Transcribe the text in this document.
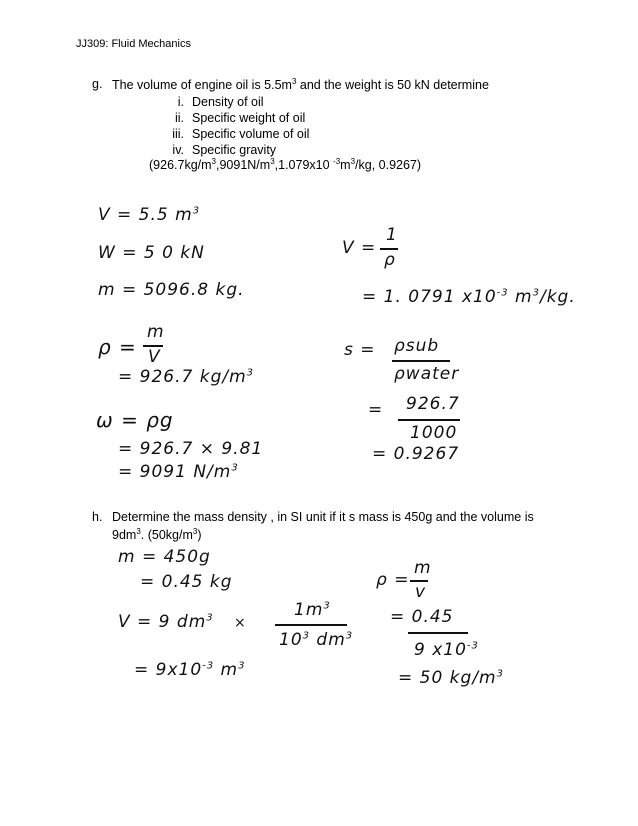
JJ309: Fluid Mechanics
g. The volume of engine oil is $5.5m^3$ and the weight is 50 kN determine
i. Density of oil
ii. Specific weight of oil
iii. Specific volume of oil
iv. Specific gravity
($926.7kg/m^3,9091N/m^3,1.079x10$ $^{-3}m^3/kg$, 0.9267)
V = 5.5 $m^3$
W = 5 0 kN
m = 5096.8 kg.
ρ =
m
V
= 926.7 $kg/m^3$
ω = ρg
= 926.7 × 9.81
= 9091 $N/m^3$
V =
1
ρ
= 1. 0791 $x10^{-3}$ $m^3/kg$.
s = ρsub
ρwater
= 926.7
1000
= 0.9267
h. Determine the mass density , in SI unit if it s mass is 450g and the volume is
$9dm^3$. $(50kg/m^3)$
m = 450g
= 0.45 kg
V = 9 $dm^3$ ×
$1m^3$
$10^3$ $dm^3$
= $9x10^{-3}$ $m^3$
ρ =
m
v
= 0.45
9 $x10^{-3}$
= 50 $kg/m^3$
